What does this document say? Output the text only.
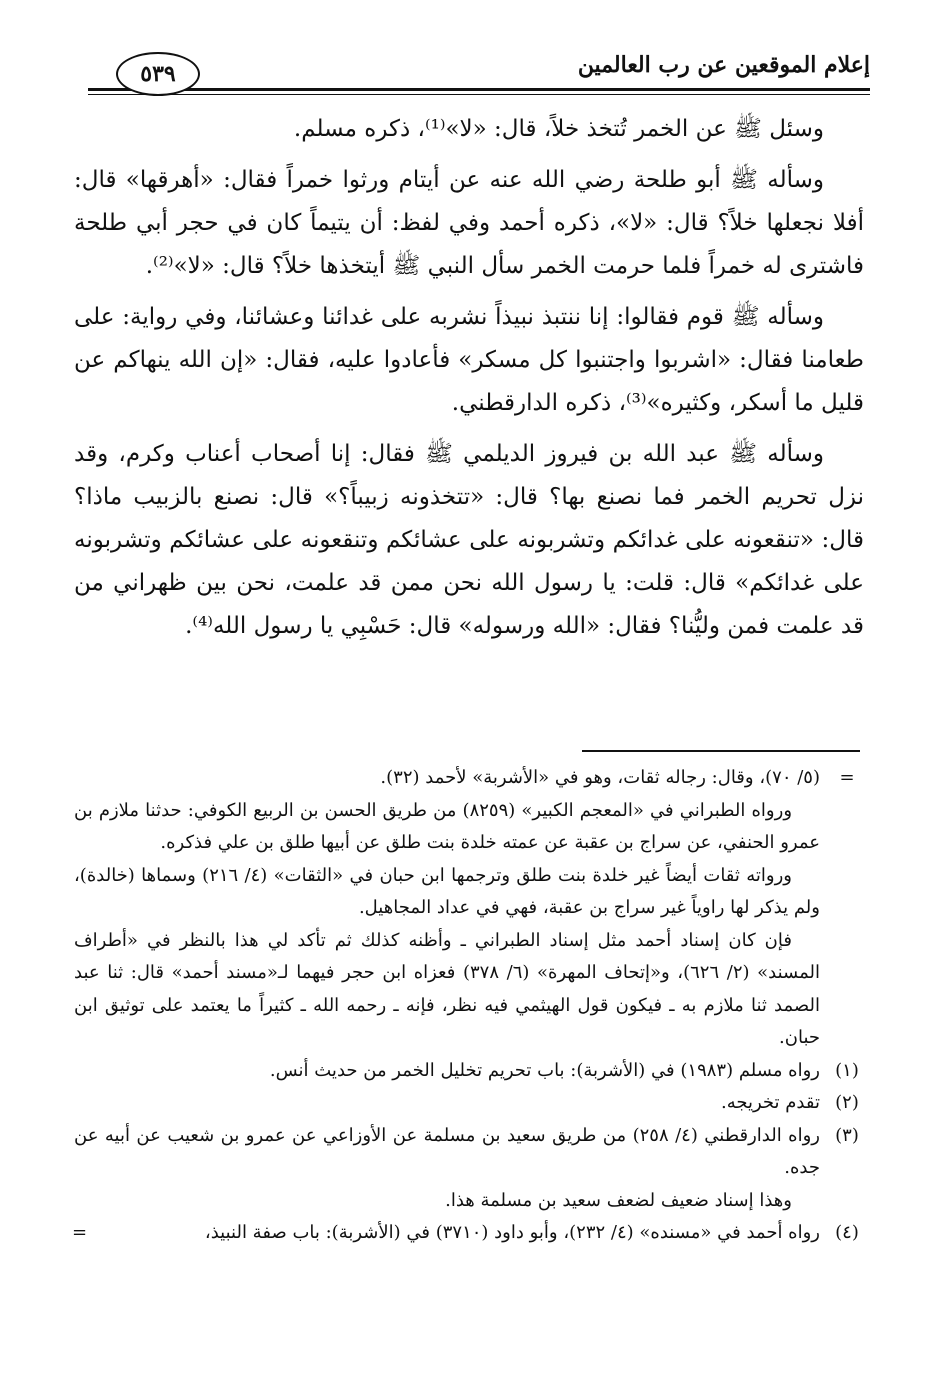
إعلام الموقعين عن رب العالمين
٥٣٩

وسئل ﷺ عن الخمر تُتخذ خلاً، قال: «لا»⁽¹⁾، ذكره مسلم.

وسأله ﷺ أبو طلحة رضي الله عنه عن أيتام ورثوا خمراً فقال: «أهرقها» قال: أفلا نجعلها خلاً؟ قال: «لا»، ذكره أحمد وفي لفظ: أن يتيماً كان في حجر أبي طلحة فاشترى له خمراً فلما حرمت الخمر سأل النبي ﷺ أيتخذها خلاً؟ قال: «لا»⁽²⁾.

وسأله ﷺ قوم فقالوا: إنا ننتبذ نبيذاً نشربه على غدائنا وعشائنا، وفي رواية: على طعامنا فقال: «اشربوا واجتنبوا كل مسكر» فأعادوا عليه، فقال: «إن الله ينهاكم عن قليل ما أسكر، وكثيره»⁽³⁾، ذكره الدارقطني.

وسأله ﷺ عبد الله بن فيروز الديلمي ﷺ فقال: إنا أصحاب أعناب وكرم، وقد نزل تحريم الخمر فما نصنع بها؟ قال: «تتخذونه زبيباً؟» قال: نصنع بالزبيب ماذا؟ قال: «تنقعونه على غدائكم وتشربونه على عشائكم وتنقعونه على عشائكم وتشربونه على غدائكم» قال: قلت: يا رسول الله نحن ممن قد علمت، نحن بين ظهراني من قد علمت فمن وليُّنا؟ فقال: «الله ورسوله» قال: حَسْبِي يا رسول الله⁽⁴⁾.

=

(٥/ ٧٠)، وقال: رجاله ثقات، وهو في «الأشربة» لأحمد (٣٢).

ورواه الطبراني في «المعجم الكبير» (٨٢٥٩) من طريق الحسن بن الربيع الكوفي: حدثنا ملازم بن عمرو الحنفي، عن سراج بن عقبة عن عمته خلدة بنت طلق عن أبيها طلق بن علي فذكره.

ورواته ثقات أيضاً غير خلدة بنت طلق وترجمها ابن حبان في «الثقات» (٤/ ٢١٦) وسماها (خالدة)، ولم يذكر لها راوياً غير سراج بن عقبة، فهي في عداد المجاهيل.

فإن كان إسناد أحمد مثل إسناد الطبراني ـ وأظنه كذلك ثم تأكد لي هذا بالنظر في «أطراف المسند» (٢/ ٦٢٦)، و«إتحاف المهرة» (٦/ ٣٧٨) فعزاه ابن حجر فيهما لـ«مسند أحمد» قال: ثنا عبد الصمد ثنا ملازم به ـ فيكون قول الهيثمي فيه نظر، فإنه ـ رحمه الله ـ كثيراً ما يعتمد على توثيق ابن حبان.

(١)

رواه مسلم (١٩٨٣) في (الأشربة): باب تحريم تخليل الخمر من حديث أنس.

(٢)

تقدم تخريجه.

(٣)

رواه الدارقطني (٤/ ٢٥٨) من طريق سعيد بن مسلمة عن الأوزاعي عن عمرو بن شعيب عن أبيه عن جده.

وهذا إسناد ضعيف لضعف سعيد بن مسلمة هذا.

(٤)

رواه أحمد في «مسنده» (٤/ ٢٣٢)، وأبو داود (٣٧١٠) في (الأشربة): باب صفة النبيذ،

=
